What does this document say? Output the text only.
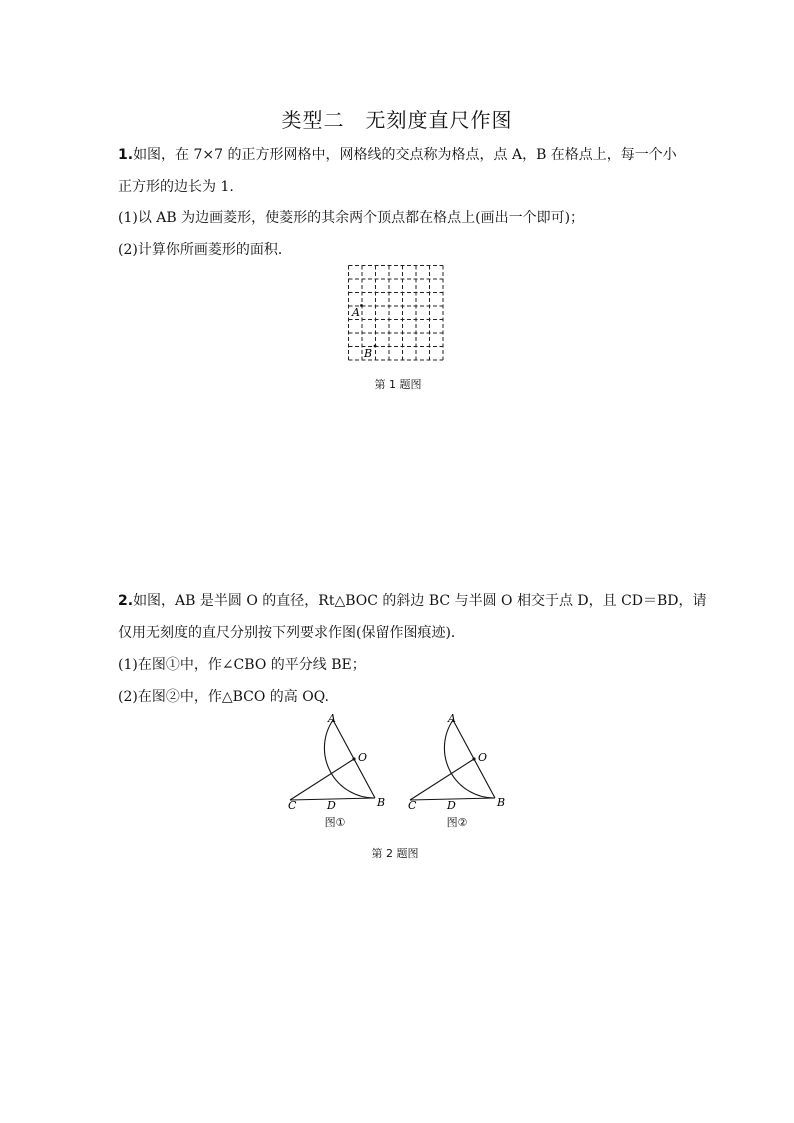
类型二　无刻度直尺作图
1.如图，在 7×7 的正方形网格中，网格线的交点称为格点，点 A，B 在格点上，每一个小
正方形的边长为 1.
(1)以 AB 为边画菱形，使菱形的其余两个顶点都在格点上(画出一个即可)；
(2)计算你所画菱形的面积．
A
B
第 1 题图
2.如图，AB 是半圆 O 的直径，Rt△BOC 的斜边 BC 与半圆 O 相交于点 D，且 CD＝BD，请
仅用无刻度的直尺分别按下列要求作图(保留作图痕迹)．
(1)在图①中，作∠CBO 的平分线 BE；
(2)在图②中，作△BCO 的高 OQ.
A
O
C	D	B
图①
A
O
C	D	B
图②
第 2 题图
